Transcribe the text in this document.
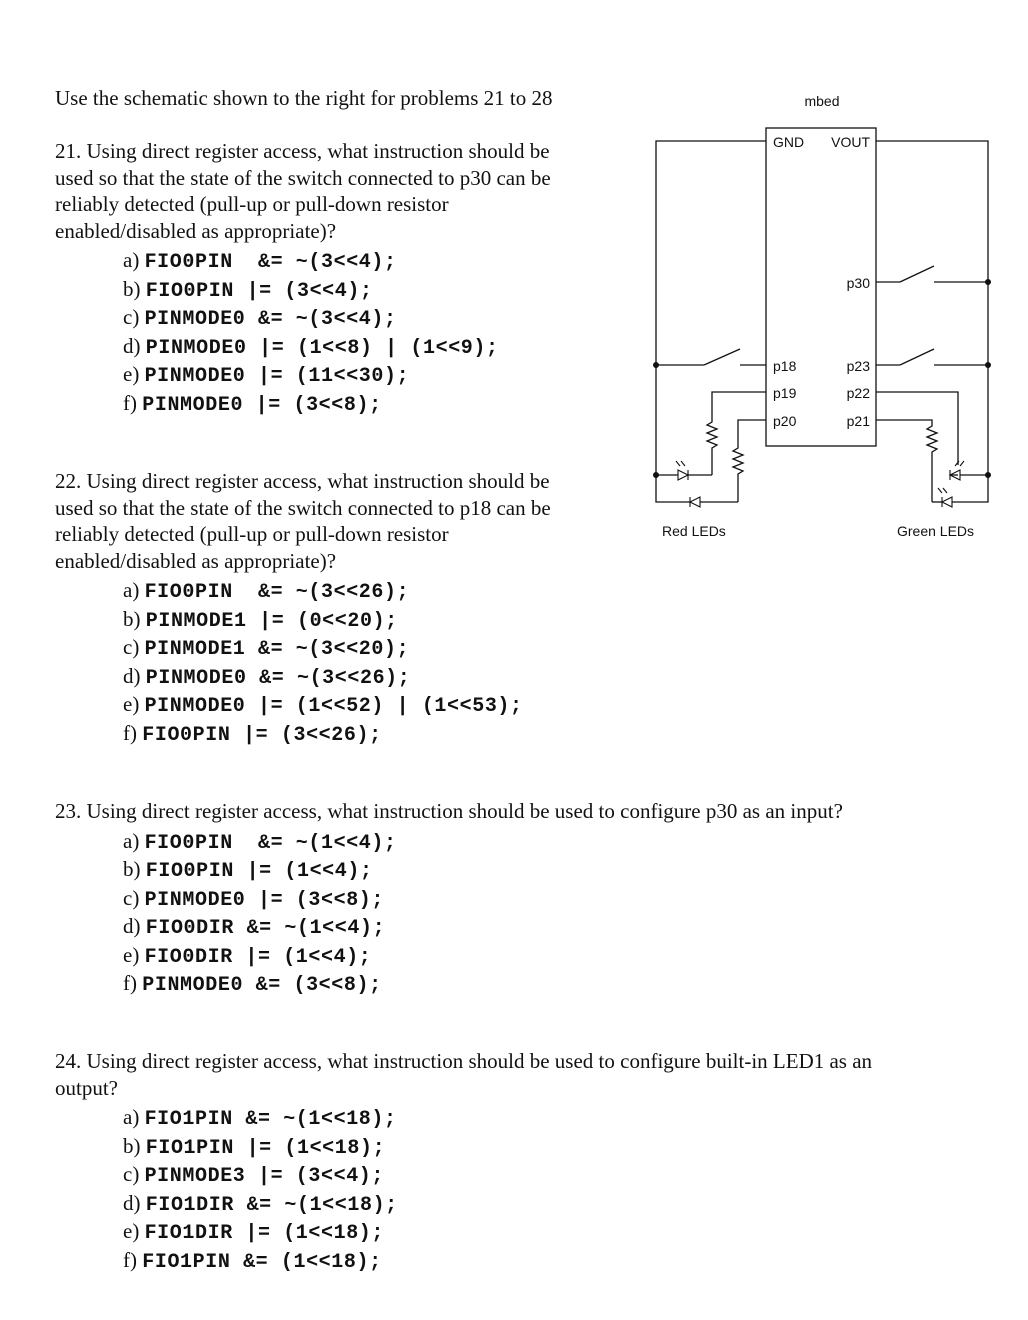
Use the schematic shown to the right for problems 21 to 28

21. Using direct register access, what instruction should be
used so that the state of the switch connected to p30 can be
reliably detected (pull-up or pull-down resistor
enabled/disabled as appropriate)?

a) FIO0PIN  &= ~(3<<4);
b) FIO0PIN |= (3<<4);
c) PINMODE0 &= ~(3<<4);
d) PINMODE0 |= (1<<8) | (1<<9);
e) PINMODE0 |= (11<<30);
f) PINMODE0 |= (3<<8);

22. Using direct register access, what instruction should be
used so that the state of the switch connected to p18 can be
reliably detected (pull-up or pull-down resistor
enabled/disabled as appropriate)?

a) FIO0PIN  &= ~(3<<26);
b) PINMODE1 |= (0<<20);
c) PINMODE1 &= ~(3<<20);
d) PINMODE0 &= ~(3<<26);
e) PINMODE0 |= (1<<52) | (1<<53);
f) FIO0PIN |= (3<<26);

23. Using direct register access, what instruction should be used to configure p30 as an input?

a) FIO0PIN  &= ~(1<<4);
b) FIO0PIN |= (1<<4);
c) PINMODE0 |= (3<<8);
d) FIO0DIR &= ~(1<<4);
e) FIO0DIR |= (1<<4);
f) PINMODE0 &= (3<<8);

24. Using direct register access, what instruction should be used to configure built-in LED1 as an
output?

a) FIO1PIN &= ~(1<<18);
b) FIO1PIN |= (1<<18);
c) PINMODE3 |= (3<<4);
d) FIO1DIR &= ~(1<<18);
e) FIO1DIR |= (1<<18);
f) FIO1PIN &= (1<<18);
mbed
GND VOUT
p30
p18
p19
p20
p23
p22
p21
Red LEDs	Green LEDs
